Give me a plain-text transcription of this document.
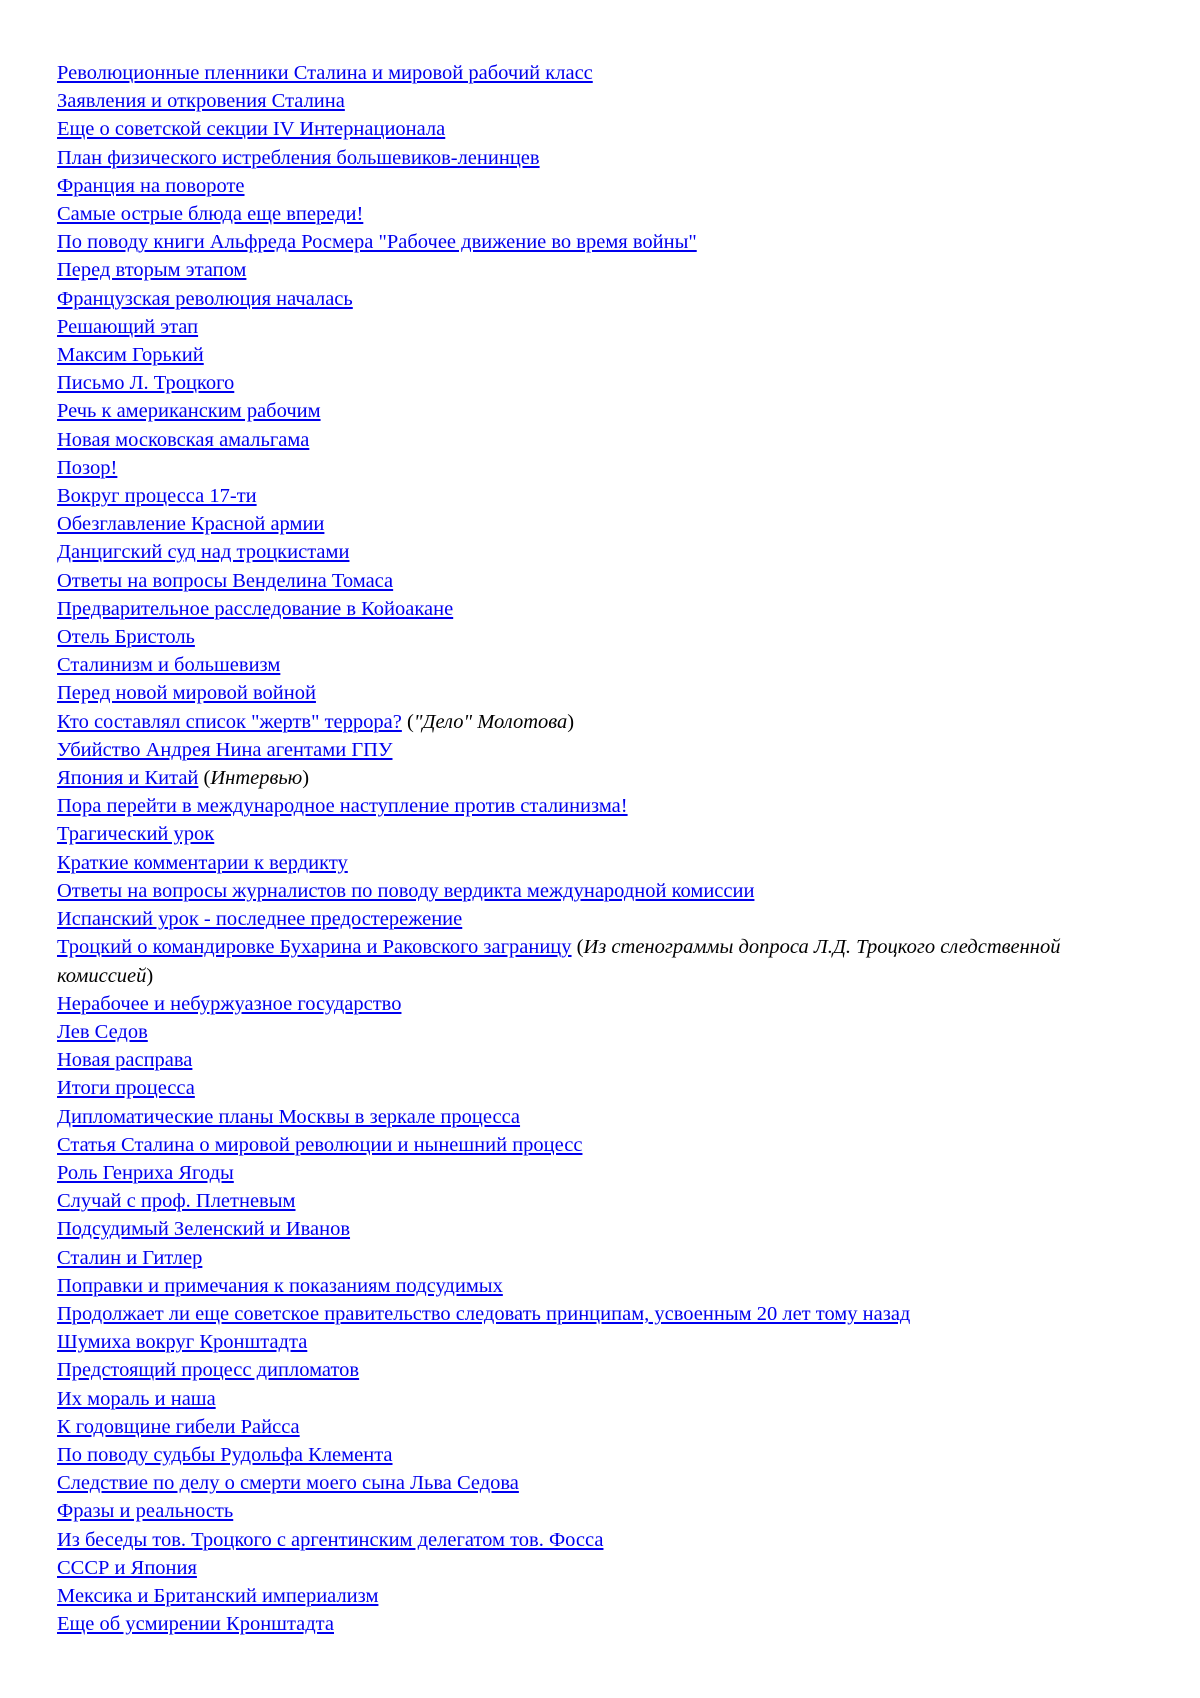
Революционные пленники Сталина и мировой рабочий класс
Заявления и откровения Сталина
Еще о советской секции IV Интернационала
План физического истребления большевиков-ленинцев
Франция на повороте
Самые острые блюда еще впереди!
По поводу книги Альфреда Росмера "Рабочее движение во время войны"
Перед вторым этапом
Французская революция началась
Решающий этап
Максим Горький
Письмо Л. Троцкого
Речь к американским рабочим
Новая московская амальгама
Позор!
Вокруг процесса 17-ти
Обезглавление Красной армии
Данцигский суд над троцкистами
Ответы на вопросы Венделина Томаса
Предварительное расследование в Койоакане
Отель Бристоль
Сталинизм и большевизм
Перед новой мировой войной
Кто составлял список "жертв" террора? ("Дело" Молотова)
Убийство Андрея Нина агентами ГПУ
Япония и Китай (Интервью)
Пора перейти в международное наступление против сталинизма!
Трагический урок
Краткие комментарии к вердикту
Ответы на вопросы журналистов по поводу вердикта международной комиссии
Испанский урок - последнее предостережение
Троцкий о командировке Бухарина и Раковского заграницу (Из стенограммы допроса Л.Д. Троцкого следственной комиссией)
Нерабочее и небуржуазное государство
Лев Седов
Новая расправа
Итоги процесса
Дипломатические планы Москвы в зеркале процесса
Статья Сталина о мировой революции и нынешний процесс
Роль Генриха Ягоды
Случай с проф. Плетневым
Подсудимый Зеленский и Иванов
Сталин и Гитлер
Поправки и примечания к показаниям подсудимых
Продолжает ли еще советское правительство следовать принципам, усвоенным 20 лет тому назад
Шумиха вокруг Кронштадта
Предстоящий процесс дипломатов
Их мораль и наша
К годовщине гибели Райсса
По поводу судьбы Рудольфа Клемента
Следствие по делу о смерти моего сына Льва Седова
Фразы и реальность
Из беседы тов. Троцкого с аргентинским делегатом тов. Фосса
СССР и Япония
Мексика и Британский империализм
Еще об усмирении Кронштадта
